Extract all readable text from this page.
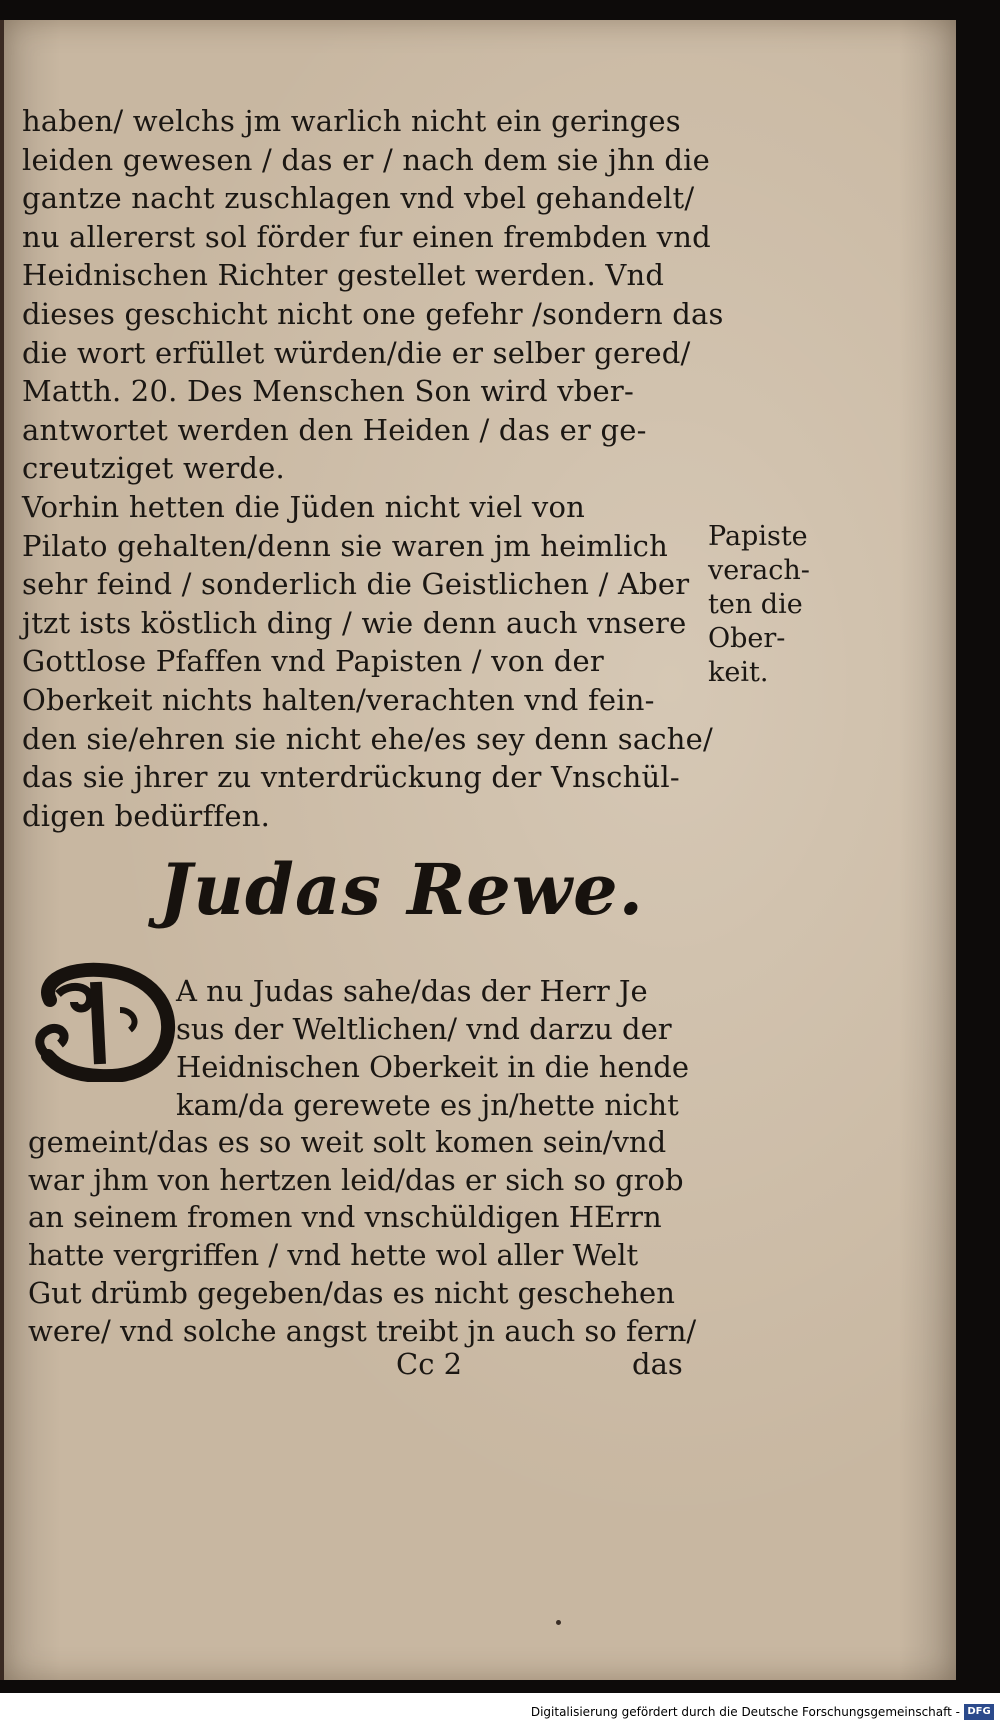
haben/ welchs jm warlich nicht ein geringes
leiden gewesen / das er / nach dem sie jhn die
gantze nacht zuschlagen vnd vbel gehandelt/
nu allererst sol förder fur einen frembden vnd
Heidnischen Richter gestellet werden. Vnd
dieses geschicht nicht one gefehr /sondern das
die wort erfüllet würden/die er selber gered/
Matth. 20. Des Menschen Son wird vber-
antwortet werden den Heiden / das er ge-
creutziget werde.
Vorhin hetten die Jüden nicht viel von
Pilato gehalten/denn sie waren jm heimlich
sehr feind / sonderlich die Geistlichen / Aber
jtzt ists köstlich ding / wie denn auch vnsere
Gottlose Pfaffen vnd Papisten / von der
Oberkeit nichts halten/verachten vnd fein-
den sie/ehren sie nicht ehe/es sey denn sache/
das sie jhrer zu vnterdrückung der Vnschül-
digen bedürffen.

Papiste
verach-
ten die
Ober-
keit.

Judas Rewe.

A nu Judas sahe/das der Herr Je
sus der Weltlichen/ vnd darzu der
Heidnischen Oberkeit in die hende
kam/da gerewete es jn/hette nicht

gemeint/das es so weit solt komen sein/vnd
war jhm von hertzen leid/das er sich so grob
an seinem fromen vnd vnschüldigen HErrn
hatte vergriffen / vnd hette wol aller Welt
Gut drümb gegeben/das es nicht geschehen
were/ vnd solche angst treibt jn auch so fern/

Cc 2	das
Digitalisierung gefördert durch die Deutsche Forschungsgemeinschaft - DFG
